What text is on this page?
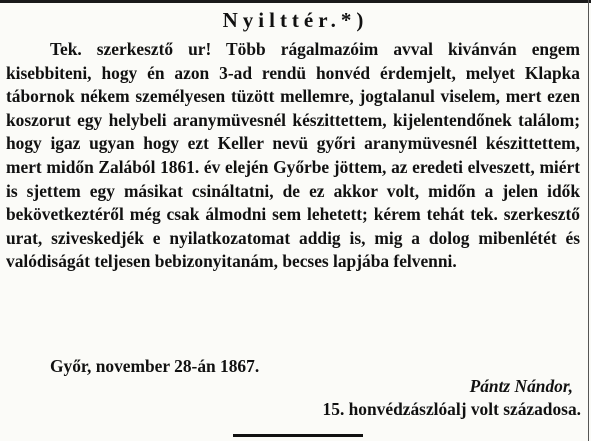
Nyilttér.*)

Tek. szerkesztő ur! Több rágalmazóim avval kivánván engem kisebbiteni, hogy én azon 3-ad rendü honvéd érdemjelt, melyet Klapka tábornok nékem személyesen tüzött mellemre, jogtalanul viselem, mert ezen koszorut egy helybeli aranymüvesnél készittettem, kijelentendőnek találom; hogy igaz ugyan hogy ezt Keller nevü győri aranymüvesnél készittettem, mert midőn Zalából 1861. év elején Győrbe jöttem, az eredeti elveszett, miért is sjettem egy másikat csináltatni, de ez akkor volt, midőn a jelen idők bekövetkeztéről még csak álmodni sem lehetett; kérem tehát tek. szerkesztő urat, sziveskedjék e nyilatkozatomat addig is, mig a dolog mibenlétét és valódiságát teljesen bebizonyitanám, becses lapjába felvenni.

Győr, november 28-án 1867.
Pántz Nándor,
15. honvédzászlóalj volt századosa.
